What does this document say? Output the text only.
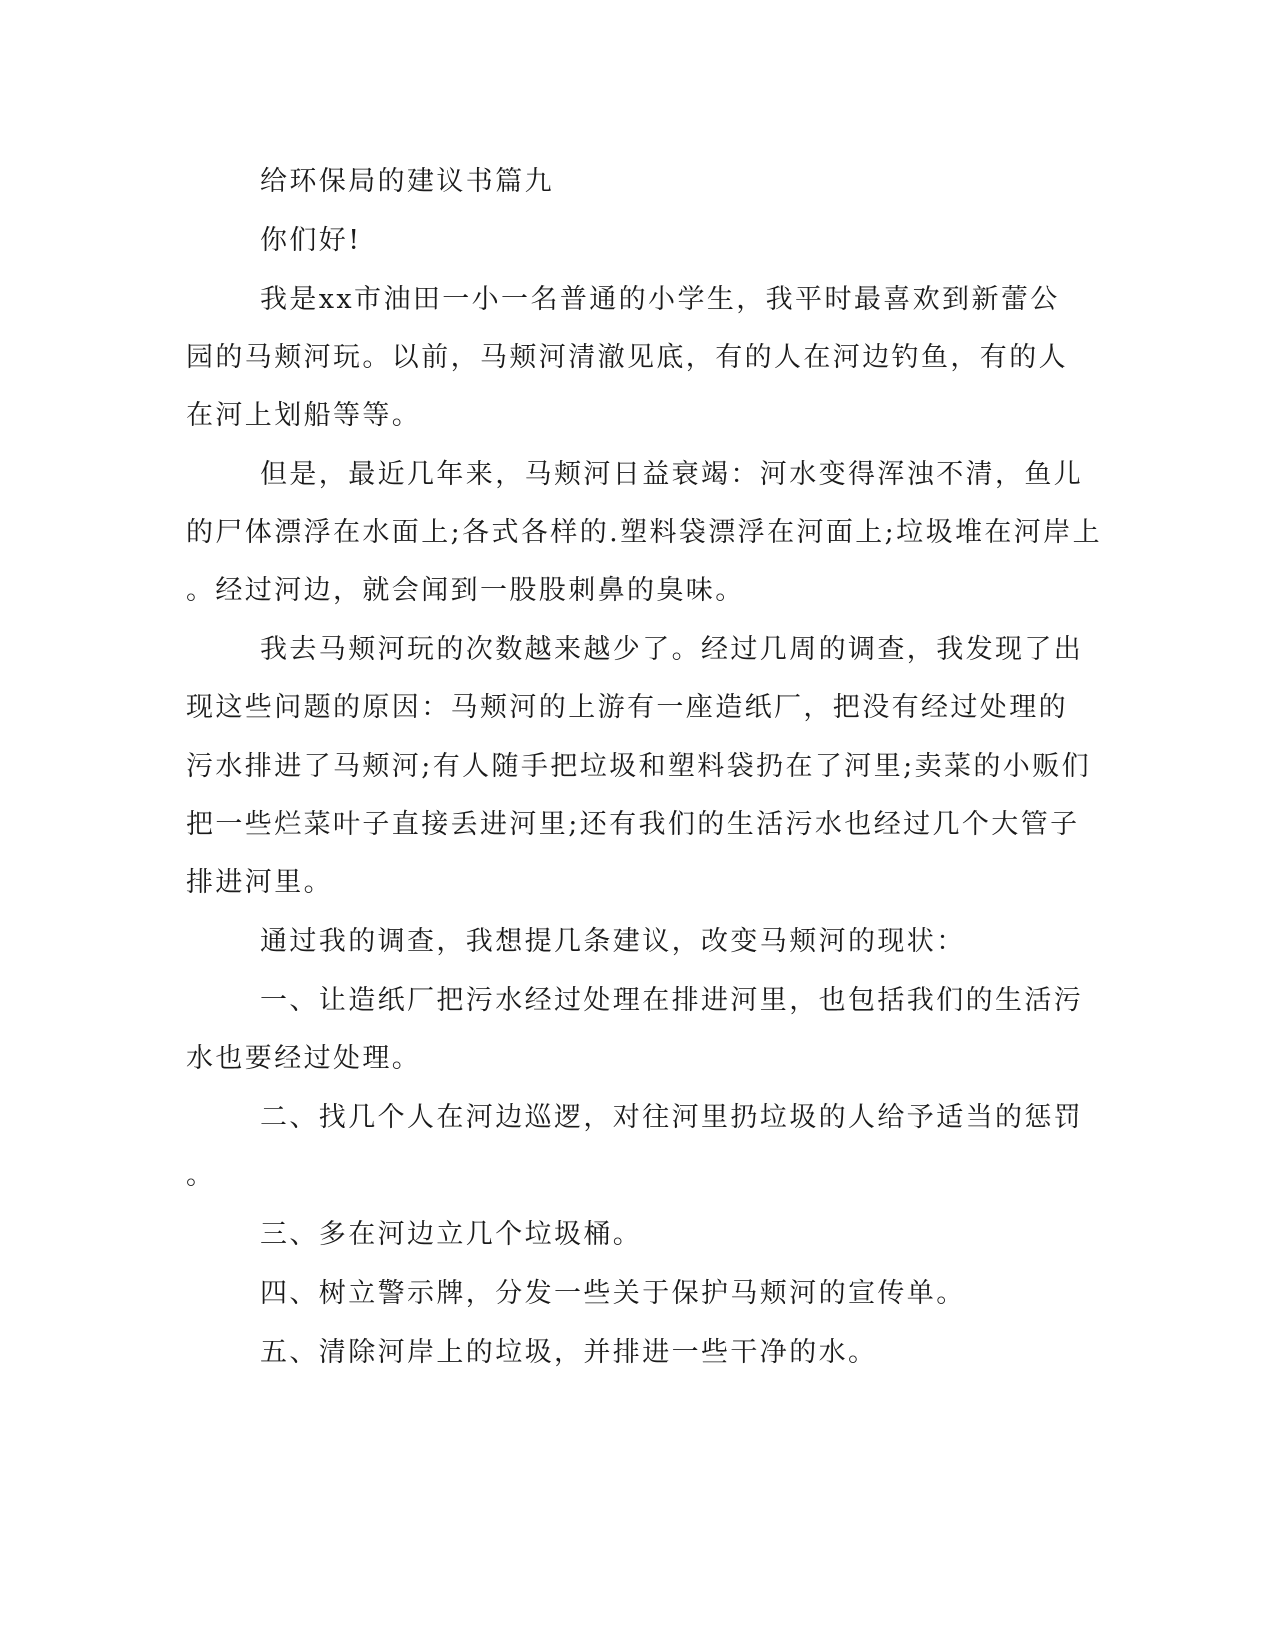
给环保局的建议书篇九
你们好!
我是xx市油田一小一名普通的小学生，我平时最喜欢到新蕾公
园的马颊河玩。以前，马颊河清澈见底，有的人在河边钓鱼，有的人
在河上划船等等。
但是，最近几年来，马颊河日益衰竭：河水变得浑浊不清，鱼儿
的尸体漂浮在水面上;各式各样的.塑料袋漂浮在河面上;垃圾堆在河岸上
。经过河边，就会闻到一股股刺鼻的臭味。
我去马颊河玩的次数越来越少了。经过几周的调查，我发现了出
现这些问题的原因：马颊河的上游有一座造纸厂，把没有经过处理的
污水排进了马颊河;有人随手把垃圾和塑料袋扔在了河里;卖菜的小贩们
把一些烂菜叶子直接丢进河里;还有我们的生活污水也经过几个大管子
排进河里。
通过我的调查，我想提几条建议，改变马颊河的现状：
一、让造纸厂把污水经过处理在排进河里，也包括我们的生活污
水也要经过处理。
二、找几个人在河边巡逻，对往河里扔垃圾的人给予适当的惩罚
。
三、多在河边立几个垃圾桶。
四、树立警示牌，分发一些关于保护马颊河的宣传单。
五、清除河岸上的垃圾，并排进一些干净的水。
